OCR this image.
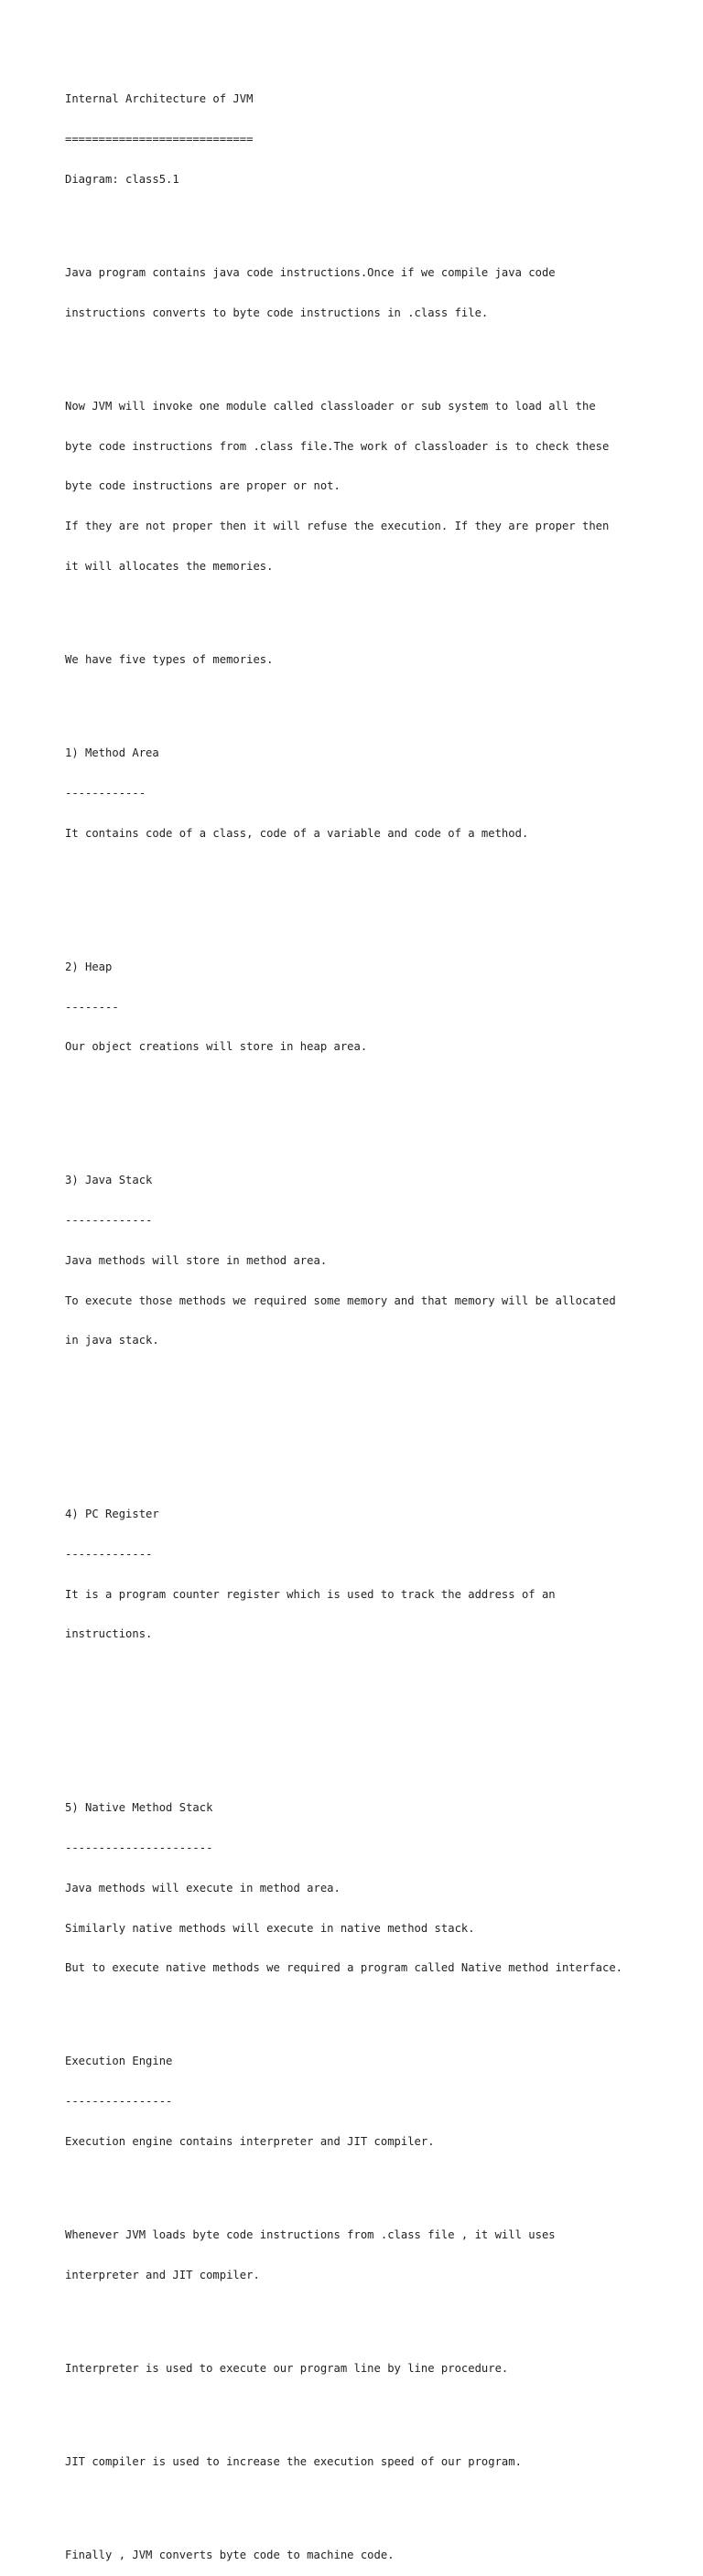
Internal Architecture of JVM

============================

Diagram: class5.1

Java program contains java code instructions.Once if we compile java code

instructions converts to byte code instructions in .class file.

Now JVM will invoke one module called classloader or sub system to load all the

byte code instructions from .class file.The work of classloader is to check these

byte code instructions are proper or not.

If they are not proper then it will refuse the execution. If they are proper then

it will allocates the memories.

We have five types of memories.

1) Method Area

------------

It contains code of a class, code of a variable and code of a method.

2) Heap

--------

Our object creations will store in heap area.

3) Java Stack

-------------

Java methods will store in method area.

To execute those methods we required some memory and that memory will be allocated

in java stack.

4) PC Register

-------------

It is a program counter register which is used to track the address of an

instructions.

5) Native Method Stack

----------------------

Java methods will execute in method area.

Similarly native methods will execute in native method stack.

But to execute native methods we required a program called Native method interface.

Execution Engine

----------------

Execution engine contains interpreter and JIT compiler.

Whenever JVM loads byte code instructions from .class file , it will uses

interpreter and JIT compiler.

Interpreter is used to execute our program line by line procedure.

JIT compiler is used to increase the execution speed of our program.

Finally , JVM converts byte code to machine code.
